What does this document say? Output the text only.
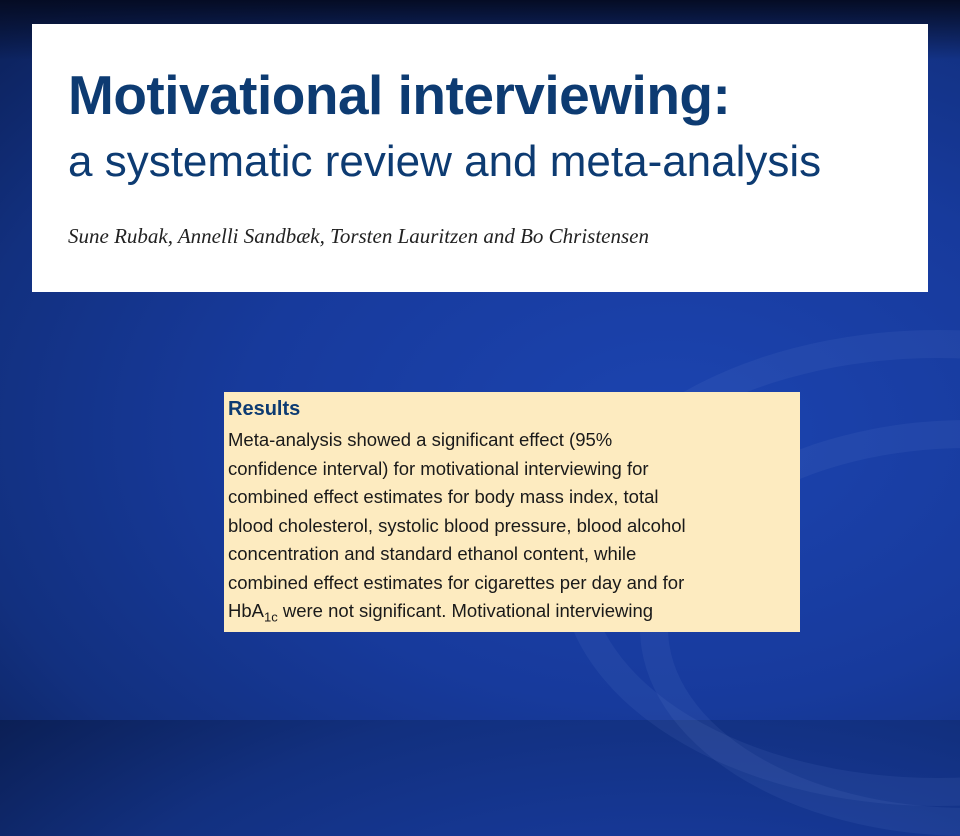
Motivational interviewing:
a systematic review and meta-analysis

Sune Rubak, Annelli Sandbæk, Torsten Lauritzen and Bo Christensen

Results
Meta-analysis showed a significant effect (95%
confidence interval) for motivational interviewing for
combined effect estimates for body mass index, total
blood cholesterol, systolic blood pressure, blood alcohol
concentration and standard ethanol content, while
combined effect estimates for cigarettes per day and for
HbA$_{1c}$ were not significant. Motivational interviewing
